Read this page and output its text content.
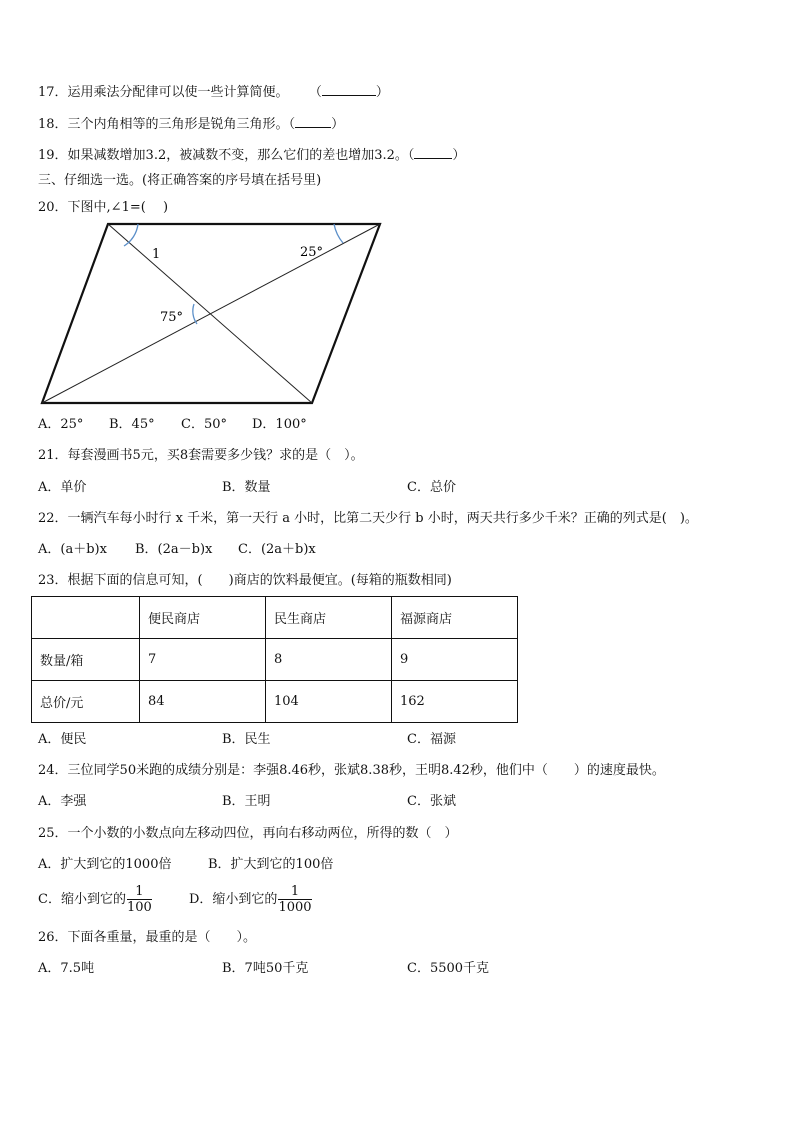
17．运用乘法分配律可以使一些计算简便。 （	）
18．三个内角相等的三角形是锐角三角形。（	）
19．如果减数增加3.2，被减数不变，那么它们的差也增加3.2。（	）
三、仔细选一选。(将正确答案的序号填在括号里)
20．下图中,∠1=(　 )
1	25°
75°
A．25° B．45° C．50° D．100°
21．每套漫画书5元，买8套需要多少钱？求的是（　）。
A．单价	B．数量	C．总价
22．一辆汽车每小时行 x 千米，第一天行 a 小时，比第二天少行 b 小时，两天共行多少千米？正确的列式是(　)。
A．(a＋b)x B．(2a－b)x C．(2a＋b)x
23．根据下面的信息可知，(　　)商店的饮料最便宜。(每箱的瓶数相同)
	便民商店	民生商店	福源商店
数量/箱	7	8	9
总价/元	84	104	162
A．便民	B．民生	C．福源
24．三位同学50米跑的成绩分别是：李强8.46秒，张斌8.38秒，王明8.42秒，他们中（　　）的速度最快。
A．李强	B．王明	C．张斌
25．一个小数的小数点向左移动四位，再向右移动两位，所得的数（　）
A．扩大到它的1000倍	B．扩大到它的100倍
C．缩小到它的 $\frac{1}{100}$	D．缩小到它的 $\frac{1}{1000}$
26．下面各重量，最重的是（　　）。
A．7.5吨	B．7吨50千克	C．5500千克
